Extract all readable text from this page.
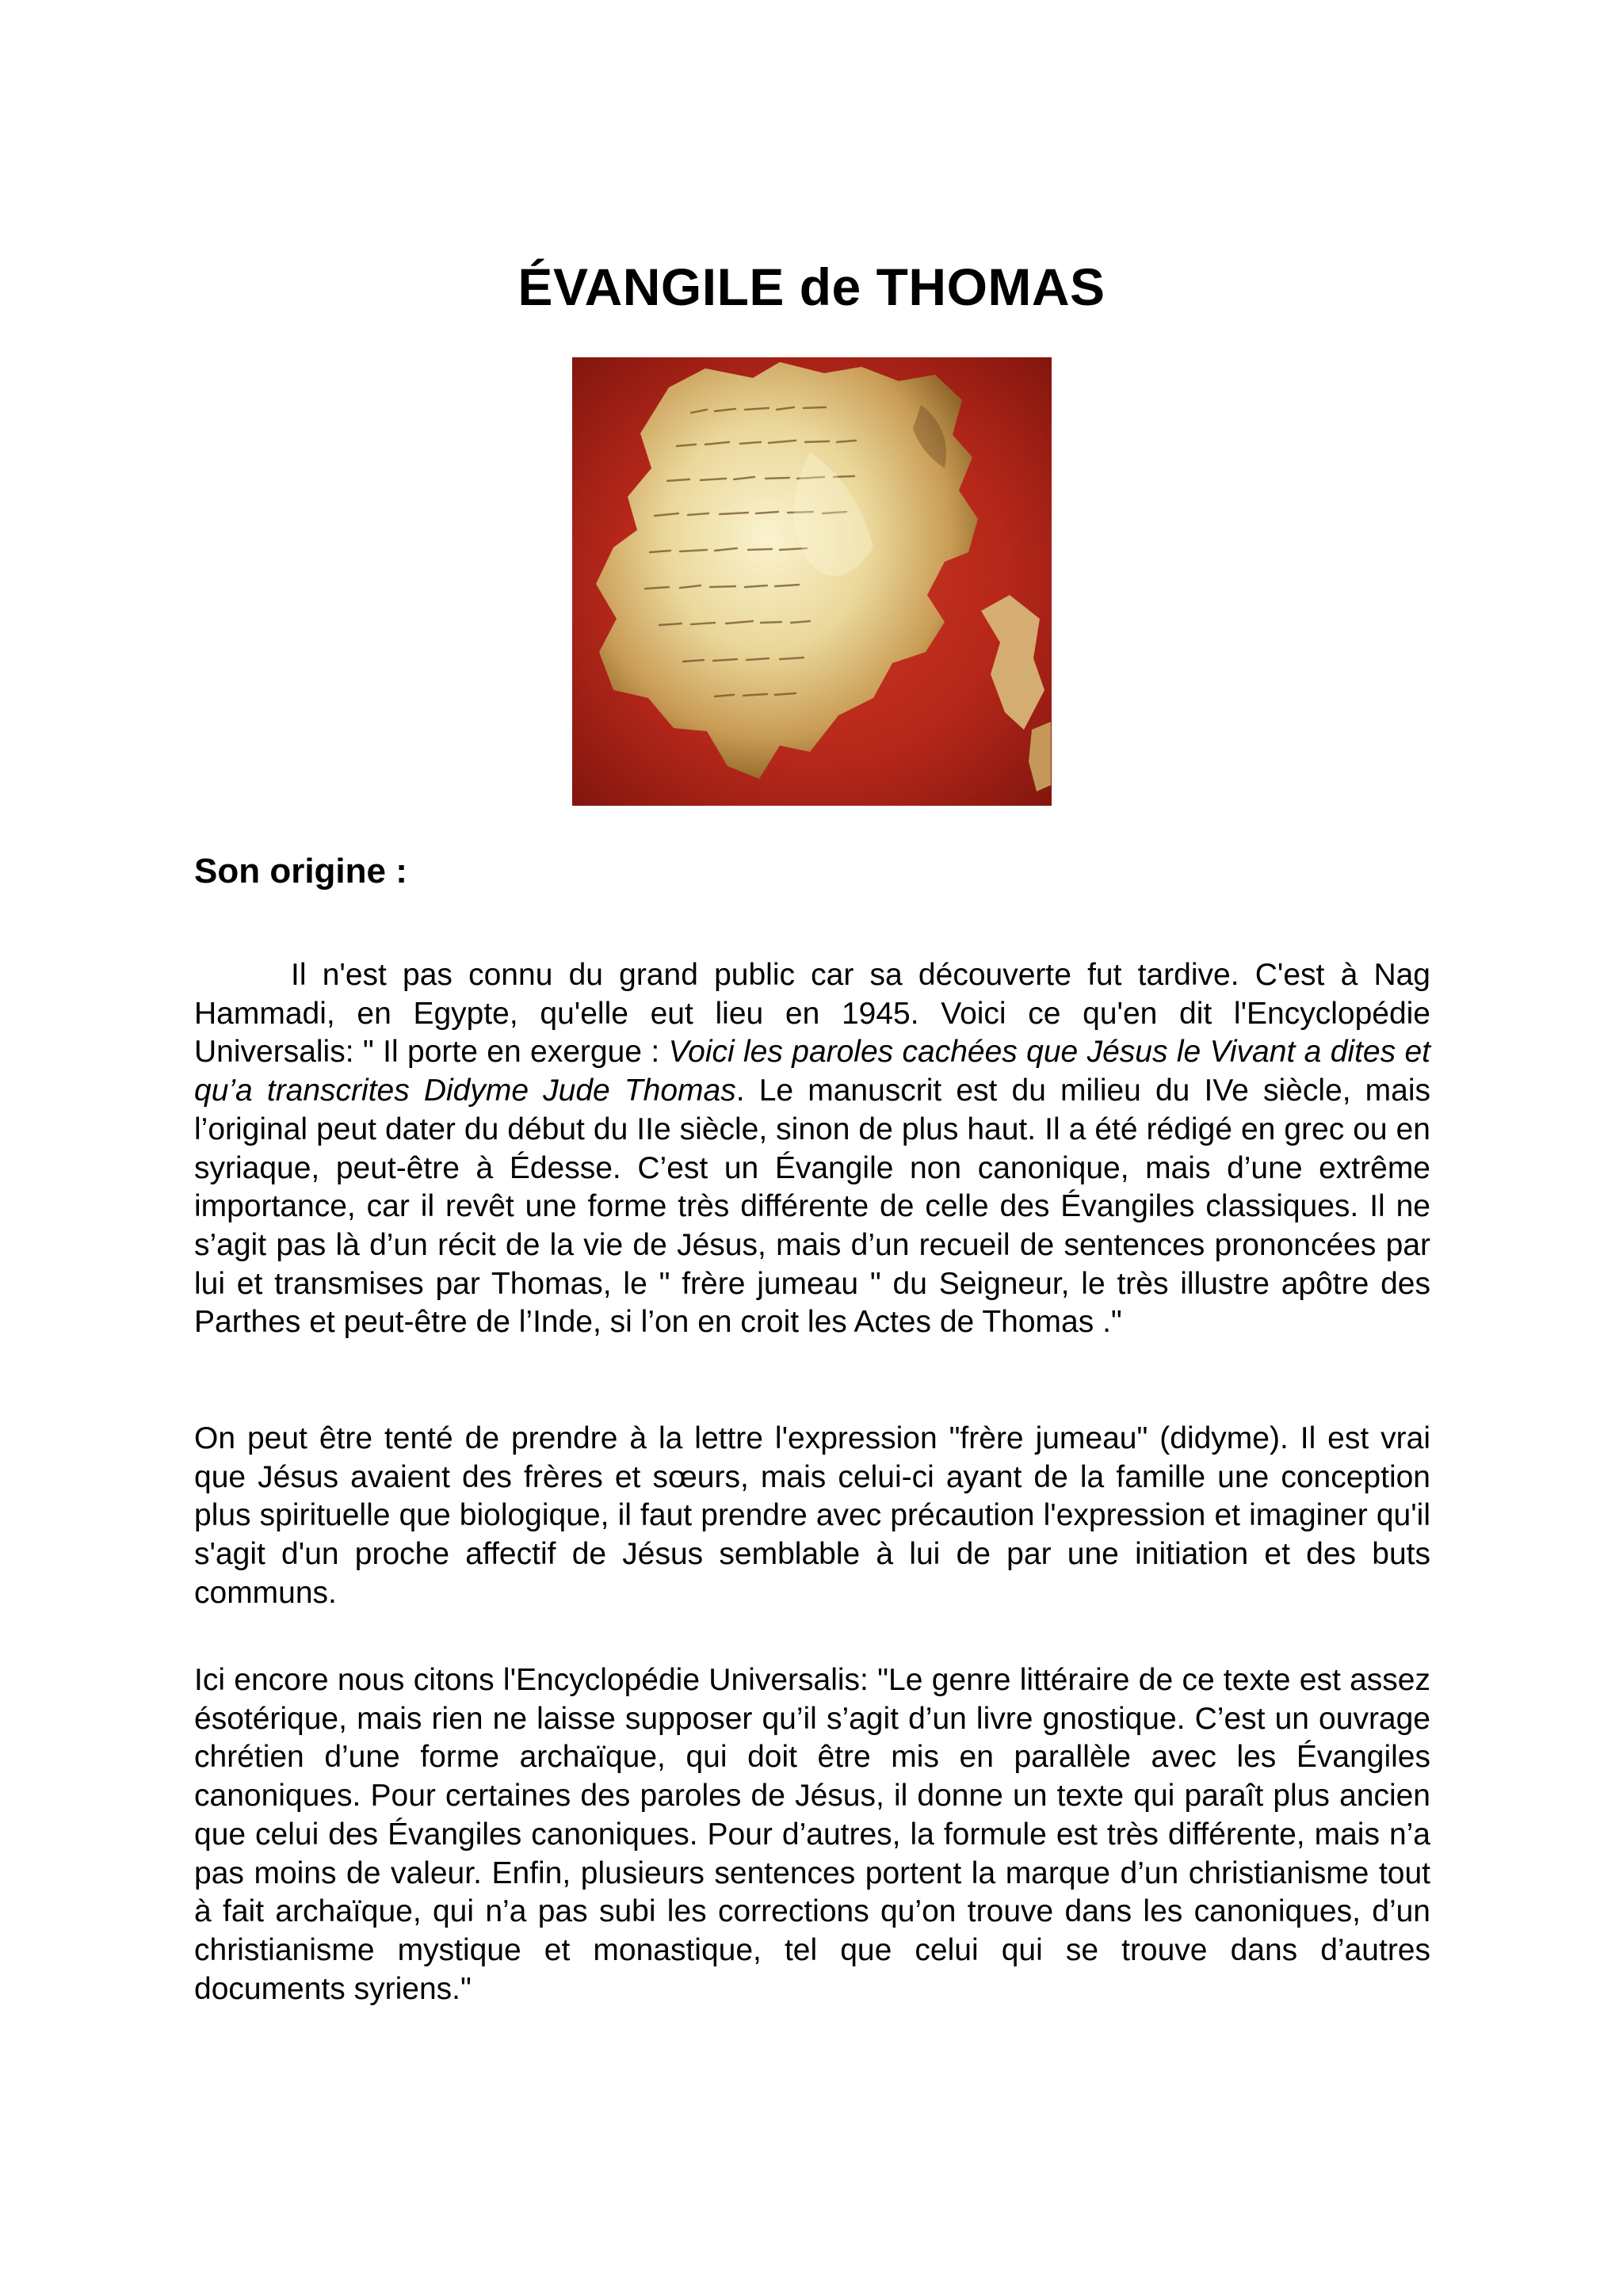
ÉVANGILE de THOMAS
Son origine :

Il n'est pas connu du grand public car sa découverte fut tardive. C'est à Nag Hammadi, en Egypte, qu'elle eut lieu en 1945. Voici ce qu'en dit l'Encyclopédie Universalis: " Il porte en exergue : Voici les paroles cachées que Jésus le Vivant a dites et qu’a transcrites Didyme Jude Thomas. Le manuscrit est du milieu du IVe siècle, mais l’original peut dater du début du IIe siècle, sinon de plus haut. Il a été rédigé en grec ou en syriaque, peut-être à Édesse. C’est un Évangile non canonique, mais d’une extrême importance, car il revêt une forme très différente de celle des Évangiles classiques. Il ne s’agit pas là d’un récit de la vie de Jésus, mais d’un recueil de sentences prononcées par lui et transmises par Thomas, le " frère jumeau " du Seigneur, le très illustre apôtre des Parthes et peut-être de l’Inde, si l’on en croit les Actes de Thomas ."

On peut être tenté de prendre à la lettre l'expression "frère jumeau" (didyme). Il est vrai que Jésus avaient des frères et sœurs, mais celui-ci ayant de la famille une conception plus spirituelle que biologique, il faut prendre avec précaution l'expression et imaginer qu'il s'agit d'un proche affectif de Jésus semblable à lui de par une initiation et des buts communs.

Ici encore nous citons l'Encyclopédie Universalis: "Le genre littéraire de ce texte est assez ésotérique, mais rien ne laisse supposer qu’il s’agit d’un livre gnostique. C’est un ouvrage chrétien d’une forme archaïque, qui doit être mis en parallèle avec les Évangiles canoniques. Pour certaines des paroles de Jésus, il donne un texte qui paraît plus ancien que celui des Évangiles canoniques. Pour d’autres, la formule est très différente, mais n’a pas moins de valeur. Enfin, plusieurs sentences portent la marque d’un christianisme tout à fait archaïque, qui n’a pas subi les corrections qu’on trouve dans les canoniques, d’un christianisme mystique et monastique, tel que celui qui se trouve dans d’autres documents syriens."
